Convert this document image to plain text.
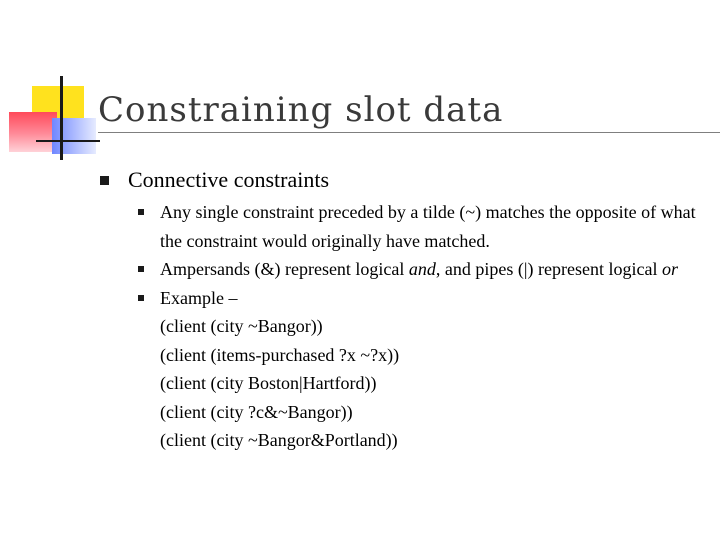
Constraining slot data
Connective constraints
Any single constraint preceded by a tilde (~) matches the opposite of what the constraint would originally have matched.
Ampersands (&) represent logical and, and pipes (|) represent logical or
Example –
(client (city ~Bangor))
(client (items-purchased ?x ~?x))
(client (city Boston|Hartford))
(client (city ?c&~Bangor))
(client (city ~Bangor&Portland))
